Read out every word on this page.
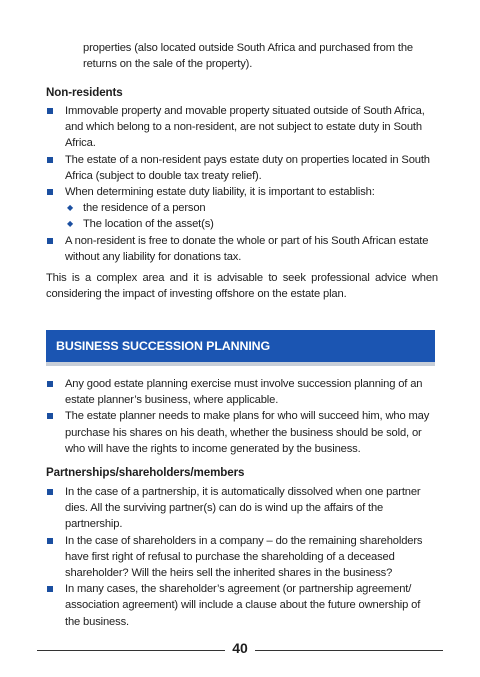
properties (also located outside South Africa and purchased from the returns on the sale of the property).
Non-residents
Immovable property and movable property situated outside of South Africa, and which belong to a non-resident, are not subject to estate duty in South Africa.
The estate of a non-resident pays estate duty on properties located in South Africa (subject to double tax treaty relief).
When determining estate duty liability, it is important to establish:
◆ the residence of a person
◆ The location of the asset(s)
A non-resident is free to donate the whole or part of his South African estate without any liability for donations tax.
This is a complex area and it is advisable to seek professional advice when considering the impact of investing offshore on the estate plan.
BUSINESS SUCCESSION PLANNING
Any good estate planning exercise must involve succession planning of an estate planner’s business, where applicable.
The estate planner needs to make plans for who will succeed him, who may purchase his shares on his death, whether the business should be sold, or who will have the rights to income generated by the business.
Partnerships/shareholders/members
In the case of a partnership, it is automatically dissolved when one partner dies. All the surviving partner(s) can do is wind up the affairs of the partnership.
In the case of shareholders in a company – do the remaining shareholders have first right of refusal to purchase the shareholding of a deceased shareholder? Will the heirs sell the inherited shares in the business?
In many cases, the shareholder’s agreement (or partnership agreement/ association agreement) will include a clause about the future ownership of the business.
40
